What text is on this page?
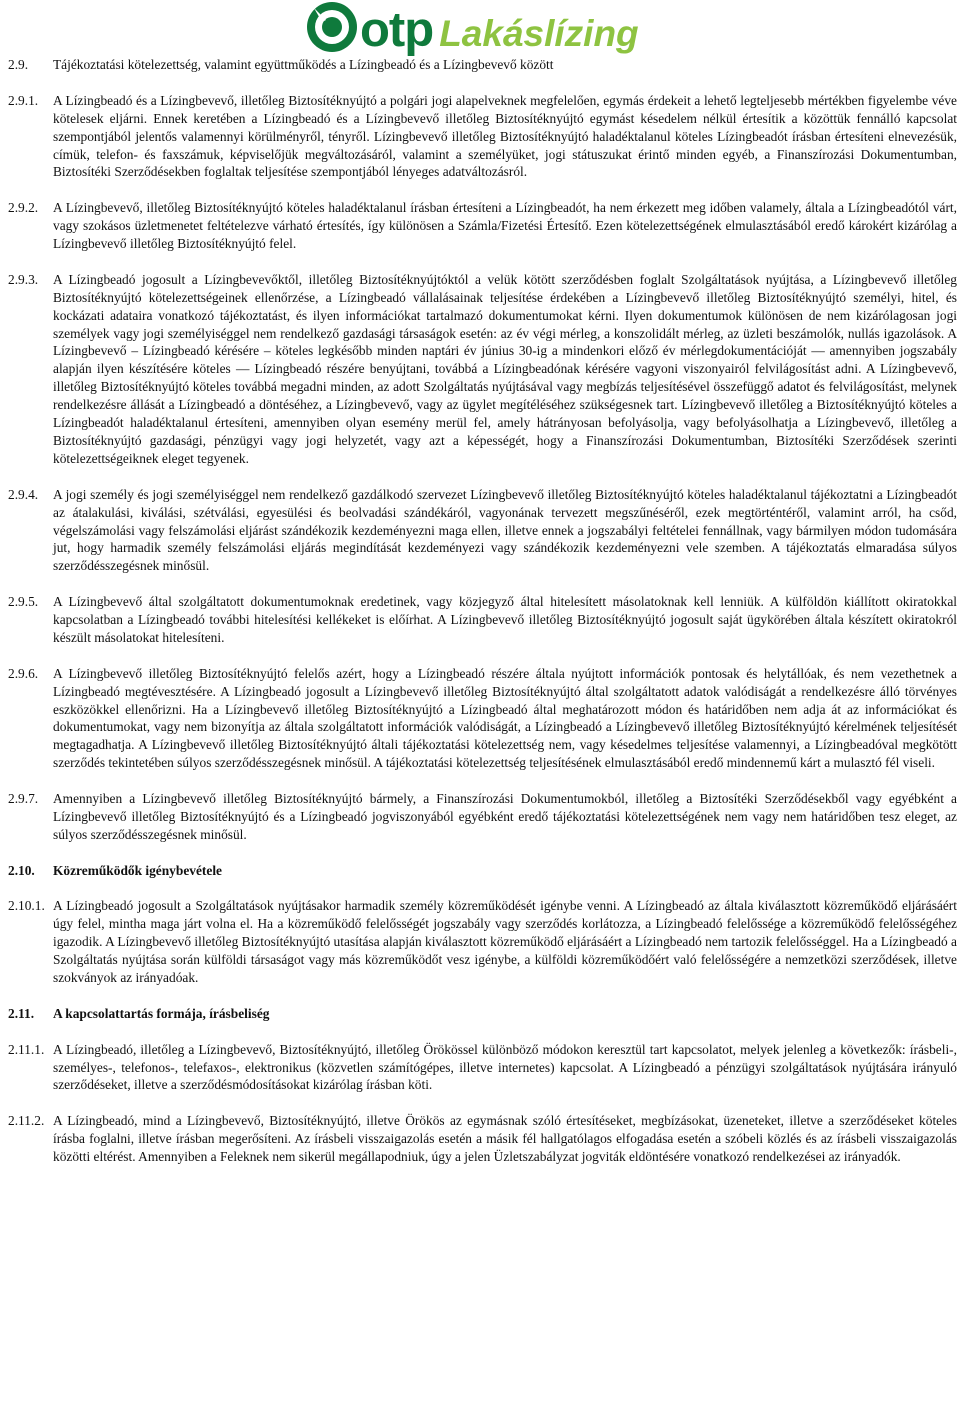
otp Lakáslízing
2.9. Tájékoztatási kötelezettség, valamint együttműködés a Lízingbeadó és a Lízingbevevő között
2.9.1. A Lízingbeadó és a Lízingbevevő, illetőleg Biztosítéknyújtó a polgári jogi alapelveknek megfelelően, egymás érdekeit a lehető legteljesebb mértékben figyelembe véve kötelesek eljárni. Ennek keretében a Lízingbeadó és a Lízingbevevő illetőleg Biztosítéknyújtó egymást késedelem nélkül értesítik a közöttük fennálló kapcsolat szempontjából jelentős valamennyi körülményről, tényről. Lízingbevevő illetőleg Biztosítéknyújtó haladéktalanul köteles Lízingbeadót írásban értesíteni elnevezésük, címük, telefon- és faxszámuk, képviselőjük megváltozásáról, valamint a személyüket, jogi státuszukat érintő minden egyéb, a Finanszírozási Dokumentumban, Biztosítéki Szerződésekben foglaltak teljesítése szempontjából lényeges adatváltozásról.
2.9.2. A Lízingbevevő, illetőleg Biztosítéknyújtó köteles haladéktalanul írásban értesíteni a Lízingbeadót, ha nem érkezett meg időben valamely, általa a Lízingbeadótól várt, vagy szokásos üzletmenetet feltételezve várható értesítés, így különösen a Számla/Fizetési Értesítő. Ezen kötelezettségének elmulasztásából eredő károkért kizárólag a Lízingbevevő illetőleg Biztosítéknyújtó felel.
2.9.3. A Lízingbeadó jogosult a Lízingbevevőktől, illetőleg Biztosítéknyújtóktól a velük kötött szerződésben foglalt Szolgáltatások nyújtása, a Lízingbevevő illetőleg Biztosítéknyújtó kötelezettségeinek ellenőrzése, a Lízingbeadó vállalásainak teljesítése érdekében a Lízingbevevő illetőleg Biztosítéknyújtó személyi, hitel, és kockázati adataira vonatkozó tájékoztatást, és ilyen információkat tartalmazó dokumentumokat kérni. Ilyen dokumentumok különösen de nem kizárólagosan jogi személyek vagy jogi személyiséggel nem rendelkező gazdasági társaságok esetén: az év végi mérleg, a konszolidált mérleg, az üzleti beszámolók, nullás igazolások. A Lízingbevevő – Lízingbeadó kérésére – köteles legkésőbb minden naptári év június 30-ig a mindenkori előző év mérlegdokumentációját — amennyiben jogszabály alapján ilyen készítésére köteles — Lízingbeadó részére benyújtani, továbbá a Lízingbeadónak kérésére vagyoni viszonyairól felvilágosítást adni. A Lízingbevevő, illetőleg Biztosítéknyújtó köteles továbbá megadni minden, az adott Szolgáltatás nyújtásával vagy megbízás teljesítésével összefüggő adatot és felvilágosítást, melynek rendelkezésre állását a Lízingbeadó a döntéséhez, a Lízingbevevő, vagy az ügylet megítéléséhez szükségesnek tart. Lízingbevevő illetőleg a Biztosítéknyújtó köteles a Lízingbeadót haladéktalanul értesíteni, amennyiben olyan esemény merül fel, amely hátrányosan befolyásolja, vagy befolyásolhatja a Lízingbevevő, illetőleg a Biztosítéknyújtó gazdasági, pénzügyi vagy jogi helyzetét, vagy azt a képességét, hogy a Finanszírozási Dokumentumban, Biztosítéki Szerződések szerinti kötelezettségeiknek eleget tegyenek.
2.9.4. A jogi személy és jogi személyiséggel nem rendelkező gazdálkodó szervezet Lízingbevevő illetőleg Biztosítéknyújtó köteles haladéktalanul tájékoztatni a Lízingbeadót az átalakulási, kiválási, szétválási, egyesülési és beolvadási szándékáról, vagyonának tervezett megszűnéséről, ezek megtörténtéről, valamint arról, ha csőd, végelszámolási vagy felszámolási eljárást szándékozik kezdeményezni maga ellen, illetve ennek a jogszabályi feltételei fennállnak, vagy bármilyen módon tudomására jut, hogy harmadik személy felszámolási eljárás megindítását kezdeményezi vagy szándékozik kezdeményezni vele szemben. A tájékoztatás elmaradása súlyos szerződésszegésnek minősül.
2.9.5. A Lízingbevevő által szolgáltatott dokumentumoknak eredetinek, vagy közjegyző által hitelesített másolatoknak kell lenniük. A külföldön kiállított okiratokkal kapcsolatban a Lízingbeadó további hitelesítési kellékeket is előírhat. A Lízingbevevő illetőleg Biztosítéknyújtó jogosult saját ügykörében általa készített okiratokról készült másolatokat hitelesíteni.
2.9.6. A Lízingbevevő illetőleg Biztosítéknyújtó felelős azért, hogy a Lízingbeadó részére általa nyújtott információk pontosak és helytállóak, és nem vezethetnek a Lízingbeadó megtévesztésére. A Lízingbeadó jogosult a Lízingbevevő illetőleg Biztosítéknyújtó által szolgáltatott adatok valódiságát a rendelkezésre álló törvényes eszközökkel ellenőrizni. Ha a Lízingbevevő illetőleg Biztosítéknyújtó a Lízingbeadó által meghatározott módon és határidőben nem adja át az információkat és dokumentumokat, vagy nem bizonyítja az általa szolgáltatott információk valódiságát, a Lízingbeadó a Lízingbevevő illetőleg Biztosítéknyújtó kérelmének teljesítését megtagadhatja. A Lízingbevevő illetőleg Biztosítéknyújtó általi tájékoztatási kötelezettség nem, vagy késedelmes teljesítése valamennyi, a Lízingbeadóval megkötött szerződés tekintetében súlyos szerződésszegésnek minősül. A tájékoztatási kötelezettség teljesítésének elmulasztásából eredő mindennemű kárt a mulasztó fél viseli.
2.9.7. Amennyiben a Lízingbevevő illetőleg Biztosítéknyújtó bármely, a Finanszírozási Dokumentumokból, illetőleg a Biztosítéki Szerződésekből vagy egyébként a Lízingbevevő illetőleg Biztosítéknyújtó és a Lízingbeadó jogviszonyából egyébként eredő tájékoztatási kötelezettségének nem vagy nem határidőben tesz eleget, az súlyos szerződésszegésnek minősül.
2.10. Közreműködők igénybevétele
2.10.1. A Lízingbeadó jogosult a Szolgáltatások nyújtásakor harmadik személy közreműködését igénybe venni. A Lízingbeadó az általa kiválasztott közreműködő eljárásáért úgy felel, mintha maga járt volna el. Ha a közreműködő felelősségét jogszabály vagy szerződés korlátozza, a Lízingbeadó felelőssége a közreműködő felelősségéhez igazodik. A Lízingbevevő illetőleg Biztosítéknyújtó utasítása alapján kiválasztott közreműködő eljárásáért a Lízingbeadó nem tartozik felelősséggel. Ha a Lízingbeadó a Szolgáltatás nyújtása során külföldi társaságot vagy más közreműködőt vesz igénybe, a külföldi közreműködőért való felelősségére a nemzetközi szerződések, illetve szokványok az irányadóak.
2.11. A kapcsolattartás formája, írásbeliség
2.11.1. A Lízingbeadó, illetőleg a Lízingbevevő, Biztosítéknyújtó, illetőleg Örökössel különböző módokon keresztül tart kapcsolatot, melyek jelenleg a következők: írásbeli-, személyes-, telefonos-, telefaxos-, elektronikus (közvetlen számítógépes, illetve internetes) kapcsolat. A Lízingbeadó a pénzügyi szolgáltatások nyújtására irányuló szerződéseket, illetve a szerződésmódosításokat kizárólag írásban köti.
2.11.2. A Lízingbeadó, mind a Lízingbevevő, Biztosítéknyújtó, illetve Örökös az egymásnak szóló értesítéseket, megbízásokat, üzeneteket, illetve a szerződéseket köteles írásba foglalni, illetve írásban megerősíteni. Az írásbeli visszaigazolás esetén a másik fél hallgatólagos elfogadása esetén a szóbeli közlés és az írásbeli visszaigazolás közötti eltérést. Amennyiben a Feleknek nem sikerül megállapodniuk, úgy a jelen Üzletszabályzat jogviták eldöntésére vonatkozó rendelkezései az irányadók.
